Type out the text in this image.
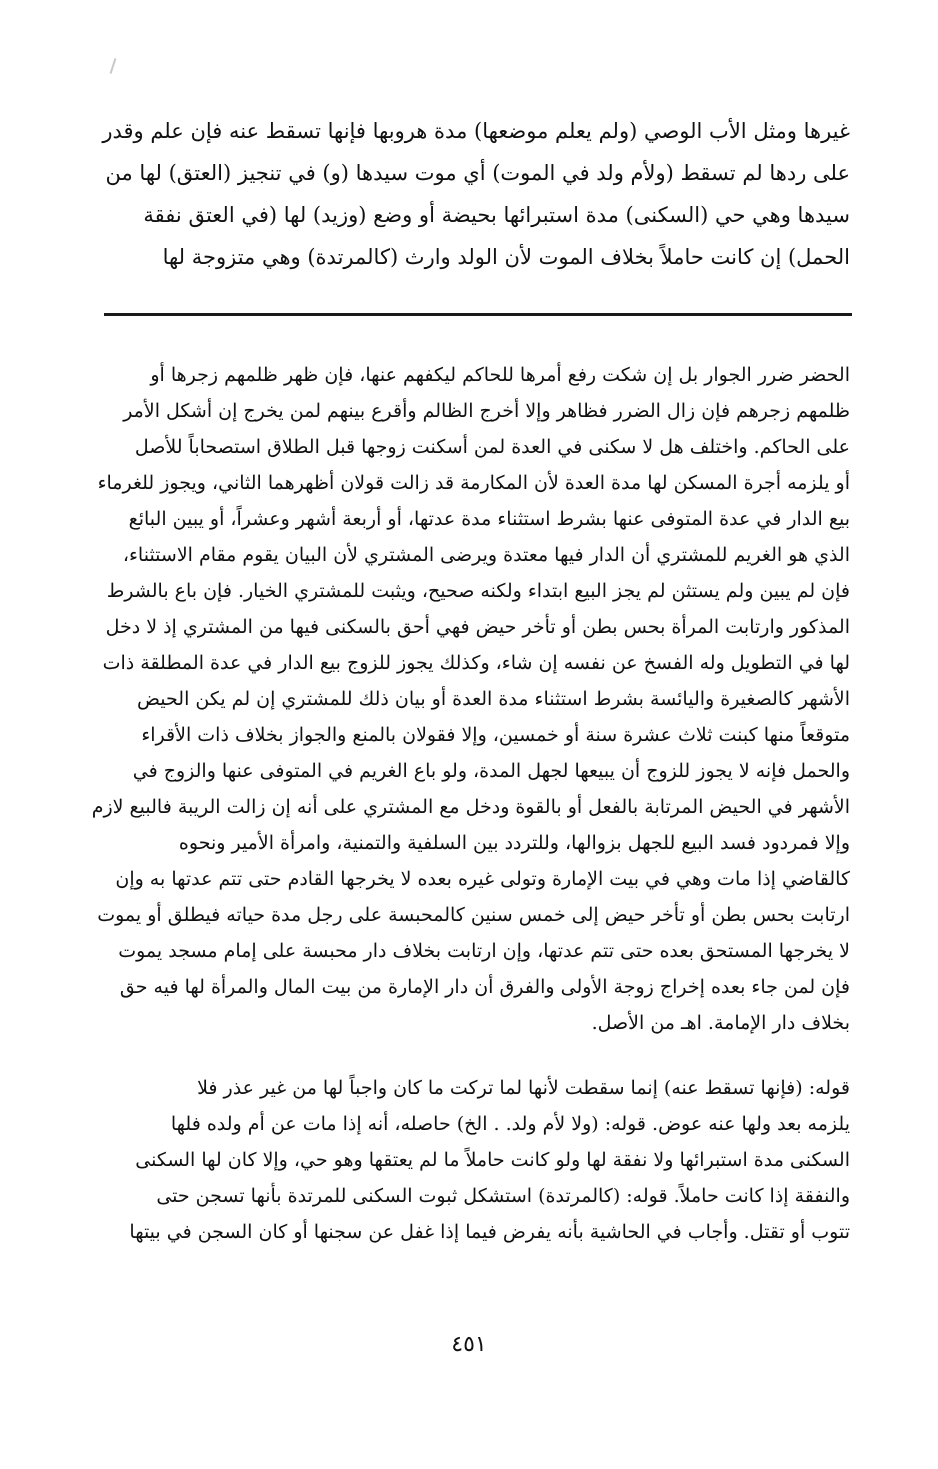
غيرها ومثل الأب الوصي (ولم يعلم موضعها) مدة هروبها فإنها تسقط عنه فإن علم وقدر
على ردها لم تسقط (ولأم ولد في الموت) أي موت سيدها (و) في تنجيز (العتق) لها من
سيدها وهي حي (السكنى) مدة استبرائها بحيضة أو وضع (وزيد) لها (في العتق نفقة
الحمل) إن كانت حاملاً بخلاف الموت لأن الولد وارث (كالمرتدة) وهي متزوجة لها
الحضر ضرر الجوار بل إن شكت رفع أمرها للحاكم ليكفهم عنها، فإن ظهر ظلمهم زجرها أو
ظلمهم زجرهم فإن زال الضرر فظاهر وإلا أخرج الظالم وأقرع بينهم لمن يخرج إن أشكل الأمر
على الحاكم. واختلف هل لا سكنى في العدة لمن أسكنت زوجها قبل الطلاق استصحاباً للأصل
أو يلزمه أجرة المسكن لها مدة العدة لأن المكارمة قد زالت قولان أظهرهما الثاني، ويجوز للغرماء
بيع الدار في عدة المتوفى عنها بشرط استثناء مدة عدتها، أو أربعة أشهر وعشراً، أو يبين البائع
الذي هو الغريم للمشتري أن الدار فيها معتدة ويرضى المشتري لأن البيان يقوم مقام الاستثناء،
فإن لم يبين ولم يستثن لم يجز البيع ابتداء ولكنه صحيح، ويثبت للمشتري الخيار. فإن باع بالشرط
المذكور وارتابت المرأة بحس بطن أو تأخر حيض فهي أحق بالسكنى فيها من المشتري إذ لا دخل
لها في التطويل وله الفسخ عن نفسه إن شاء، وكذلك يجوز للزوج بيع الدار في عدة المطلقة ذات
الأشهر كالصغيرة واليائسة بشرط استثناء مدة العدة أو بيان ذلك للمشتري إن لم يكن الحيض
متوقعاً منها كبنت ثلاث عشرة سنة أو خمسين، وإلا فقولان بالمنع والجواز بخلاف ذات الأقراء
والحمل فإنه لا يجوز للزوج أن يبيعها لجهل المدة، ولو باع الغريم في المتوفى عنها والزوج في
الأشهر في الحيض المرتابة بالفعل أو بالقوة ودخل مع المشتري على أنه إن زالت الريبة فالبيع لازم
وإلا فمردود فسد البيع للجهل بزوالها، وللتردد بين السلفية والتمنية، وامرأة الأمير ونحوه
كالقاضي إذا مات وهي في بيت الإمارة وتولى غيره بعده لا يخرجها القادم حتى تتم عدتها به وإن
ارتابت بحس بطن أو تأخر حيض إلى خمس سنين كالمحبسة على رجل مدة حياته فيطلق أو يموت
لا يخرجها المستحق بعده حتى تتم عدتها، وإن ارتابت بخلاف دار محبسة على إمام مسجد يموت
فإن لمن جاء بعده إخراج زوجة الأولى والفرق أن دار الإمارة من بيت المال والمرأة لها فيه حق
بخلاف دار الإمامة. اهـ من الأصل.
قوله: (فإنها تسقط عنه) إنما سقطت لأنها لما تركت ما كان واجباً لها من غير عذر فلا
يلزمه بعد ولها عنه عوض. قوله: (ولا لأم ولد. . الخ) حاصله، أنه إذا مات عن أم ولده فلها
السكنى مدة استبرائها ولا نفقة لها ولو كانت حاملاً ما لم يعتقها وهو حي، وإلا كان لها السكنى
والنفقة إذا كانت حاملاً. قوله: (كالمرتدة) استشكل ثبوت السكنى للمرتدة بأنها تسجن حتى
تتوب أو تقتل. وأجاب في الحاشية بأنه يفرض فيما إذا غفل عن سجنها أو كان السجن في بيتها
٤٥١
